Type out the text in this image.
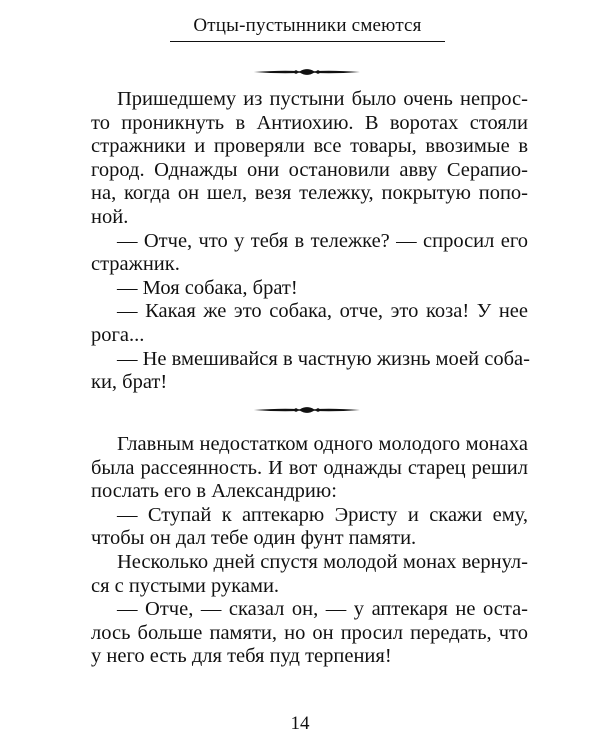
Отцы-пустынники смеются

Пришедшему из пустыни было очень непрос-
то проникнуть в Антиохию. В воротах стояли
стражники и проверяли все товары, ввозимые в
город. Однажды они остановили авву Серапио-
на, когда он шел, везя тележку, покрытую попо-
ной.

— Отче, что у тебя в тележке? — спросил его
стражник.

— Моя собака, брат!

— Какая же это собака, отче, это коза! У нее
рога...

— Не вмешивайся в частную жизнь моей соба-
ки, брат!

Главным недостатком одного молодого монаха
была рассеянность. И вот однажды старец решил
послать его в Александрию:

— Ступай к аптекарю Эристу и скажи ему,
чтобы он дал тебе один фунт памяти.

Несколько дней спустя молодой монах вернул-
ся с пустыми руками.

— Отче, — сказал он, — у аптекаря не оста-
лось больше памяти, но он просил передать, что
у него есть для тебя пуд терпения!

14
